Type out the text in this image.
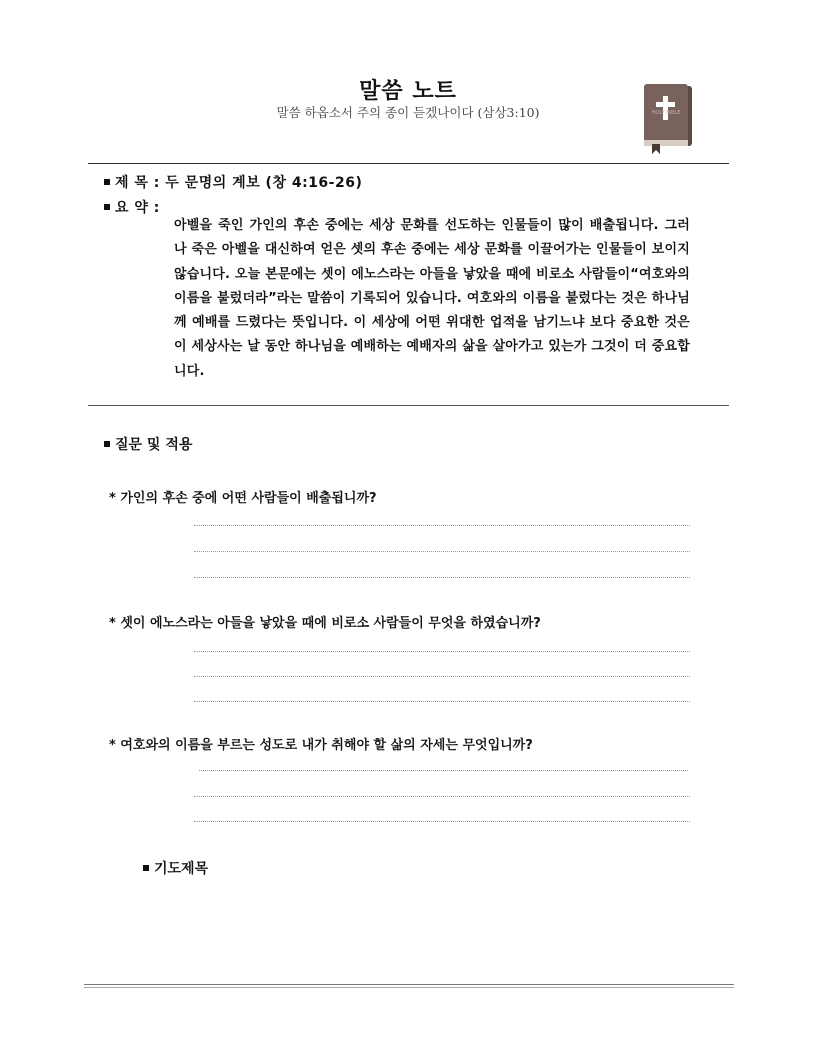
말씀 노트
말씀 하옵소서 주의 종이 듣겠나이다 (삼상3:10)	HOLY BIBLE
제 목 : 두 문명의 계보 (창 4:16-26)
요 약 :
아벨을 죽인 가인의 후손 중에는 세상 문화를 선도하는 인물들이 많이 배출됩니다. 그러나 죽은 아벨을 대신하여 얻은 셋의 후손 중에는 세상 문화를 이끌어가는 인물들이 보이지 않습니다. 오늘 본문에는 셋이 에노스라는 아들을 낳았을 때에 비로소 사람들이“여호와의 이름을 불렀더라”라는 말씀이 기록되어 있습니다. 여호와의 이름을 불렀다는 것은 하나님께 예배를 드렸다는 뜻입니다. 이 세상에 어떤 위대한 업적을 남기느냐 보다 중요한 것은 이 세상사는 날 동안 하나님을 예배하는 예배자의 삶을 살아가고 있는가 그것이 더 중요합니다.
질문 및 적용
* 가인의 후손 중에 어떤 사람들이 배출됩니까?
* 셋이 에노스라는 아들을 낳았을 때에 비로소 사람들이 무엇을 하였습니까?
* 여호와의 이름을 부르는 성도로 내가 취해야 할 삶의 자세는 무엇입니까?
기도제목
